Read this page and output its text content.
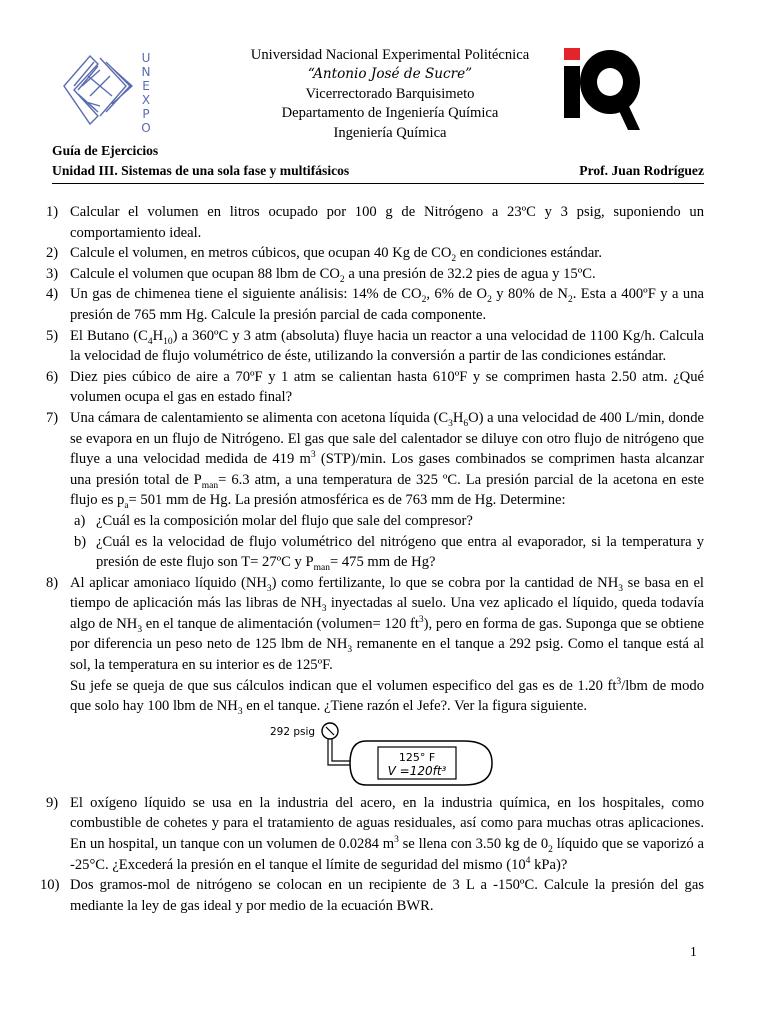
U
N
E
X
P
O
Universidad Nacional Experimental Politécnica
“Antonio José de Sucre”
Vicerrectorado Barquisimeto
Departamento de Ingeniería Química
Ingeniería Química
Guía de Ejercicios
Unidad III. Sistemas de una sola fase y multifásicos	Prof. Juan Rodríguez
1) Calcular el volumen en litros ocupado por 100 g de Nitrógeno a 23ºC y 3 psig, suponiendo un comportamiento ideal.
2) Calcule el volumen, en metros cúbicos, que ocupan 40 Kg de $CO_2$ en condiciones estándar.
3) Calcule el volumen que ocupan 88 lbm de $CO_2$ a una presión de 32.2 pies de agua y 15ºC.
4) Un gas de chimenea tiene el siguiente análisis: 14% de $CO_2$, 6% de $O_2$ y 80% de $N_2$. Esta a 400ºF y a una presión de 765 mm Hg. Calcule la presión parcial de cada componente.
5) El Butano $(C_4H_{10})$ a 360ºC y 3 atm (absoluta) fluye hacia un reactor a una velocidad de 1100 Kg/h. Calcula la velocidad de flujo volumétrico de éste, utilizando la conversión a partir de las condiciones estándar.
6) Diez pies cúbico de aire a 70ºF y 1 atm se calientan hasta 610ºF y se comprimen hasta 2.50 atm. ¿Qué volumen ocupa el gas en estado final?
7) Una cámara de calentamiento se alimenta con acetona líquida $(C_3H_6O)$ a una velocidad de 400 L/min, donde se evapora en un flujo de Nitrógeno. El gas que sale del calentador se diluye con otro flujo de nitrógeno que fluye a una velocidad medida de 419 $m^3$ (STP)/min. Los gases combinados se comprimen hasta alcanzar una presión total de $P_{man}= 6.3$ atm, a una temperatura de 325 ºC. La presión parcial de la acetona en este flujo es $p_a= 501$ mm de Hg. La presión atmosférica es de 763 mm de Hg. Determine:
a) ¿Cuál es la composición molar del flujo que sale del compresor?
b) ¿Cuál es la velocidad de flujo volumétrico del nitrógeno que entra al evaporador, si la temperatura y presión de este flujo son T= 27ºC y $P_{man}= 475$ mm de Hg?
8) Al aplicar amoniaco líquido $(NH_3)$ como fertilizante, lo que se cobra por la cantidad de $NH_3$ se basa en el tiempo de aplicación más las libras de $NH_3$ inyectadas al suelo. Una vez aplicado el líquido, queda todavía algo de $NH_3$ en el tanque de alimentación (volumen= 120 $ft^3$), pero en forma de gas. Suponga que se obtiene por diferencia un peso neto de 125 lbm de $NH_3$ remanente en el tanque a 292 psig. Como el tanque está al sol, la temperatura en su interior es de 125ºF.
Su jefe se queja de que sus cálculos indican que el volumen especifico del gas es de 1.20 $ft^3$/lbm de modo que solo hay 100 lbm de $NH_3$ en el tanque. ¿Tiene razón el Jefe?. Ver la figura siguiente.
292 psig
125° F
V =120ft³
9) El oxígeno líquido se usa en la industria del acero, en la industria química, en los hospitales, como combustible de cohetes y para el tratamiento de aguas residuales, así como para muchas otras aplicaciones. En un hospital, un tanque con un volumen de 0.0284 $m^3$ se llena con 3.50 kg de $0_2$ líquido que se vaporizó a -25°C. ¿Excederá la presión en el tanque el límite de seguridad del mismo ($10^4$ kPa)?
10) Dos gramos-mol de nitrógeno se colocan en un recipiente de 3 L a -150ºC. Calcule la presión del gas mediante la ley de gas ideal y por medio de la ecuación BWR.
1
